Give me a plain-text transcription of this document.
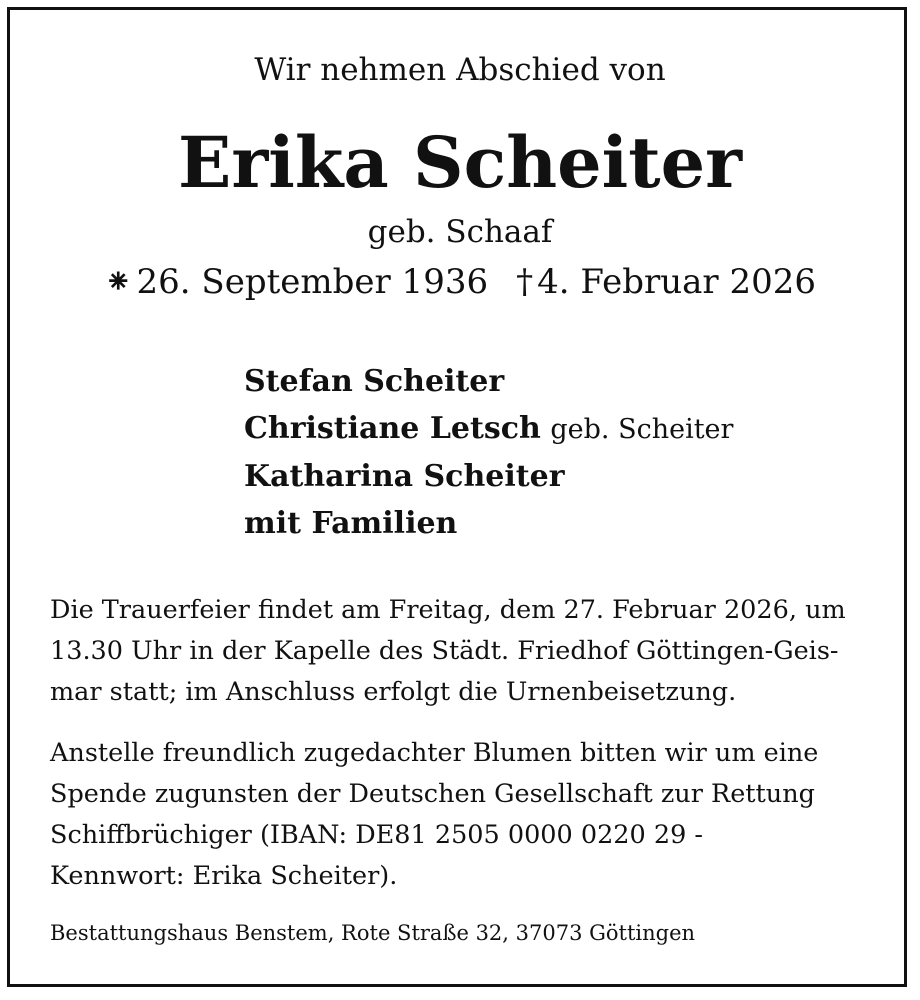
Wir nehmen Abschied von
Erika Scheiter
geb. Schaaf
⁕ 26. September 1936 † 4. Februar 2026
Stefan Scheiter
Christiane Letsch geb. Scheiter
Katharina Scheiter
mit Familien
Die Trauerfeier findet am Freitag, dem 27. Februar 2026, um
13.30 Uhr in der Kapelle des Städt. Friedhof Göttingen-Geis-
mar statt; im Anschluss erfolgt die Urnenbeisetzung.
Anstelle freundlich zugedachter Blumen bitten wir um eine
Spende zugunsten der Deutschen Gesellschaft zur Rettung
Schiffbrüchiger (IBAN: DE81 2505 0000 0220 29 -
Kennwort: Erika Scheiter).
Bestattungshaus Benstem, Rote Straße 32, 37073 Göttingen
